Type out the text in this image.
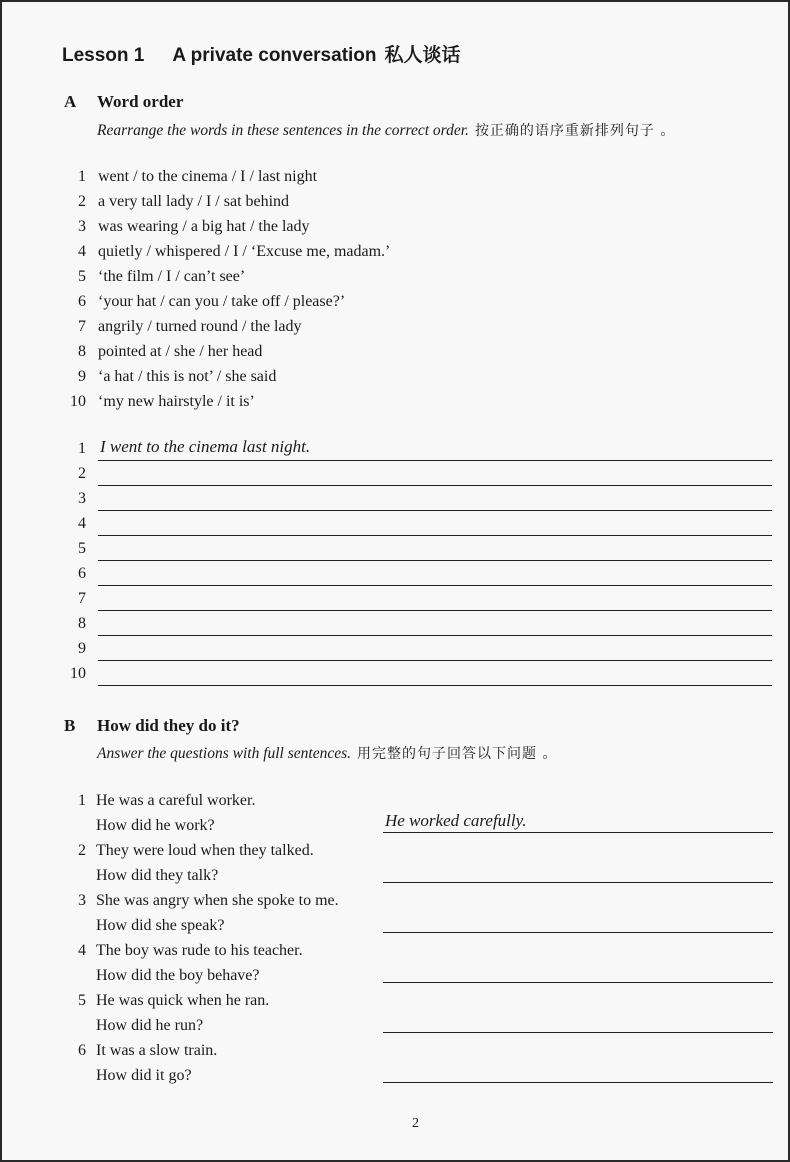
Lesson 1 A private conversation 私人谈话
A Word order
Rearrange the words in these sentences in the correct order. 按正确的语序重新排列句子 。
1 went / to the cinema / I / last night
2 a very tall lady / I / sat behind
3 was wearing / a big hat / the lady
4 quietly / whispered / I / ‘Excuse me, madam.’
5 ‘the film / I / can’t see’
6 ‘your hat / can you / take off / please?’
7 angrily / turned round / the lady
8 pointed at / she / her head
9 ‘a hat / this is not’ / she said
10 ‘my new hairstyle / it is’
1 I went to the cinema last night.
2
3
4
5
6
7
8
9
10
B How did they do it?
Answer the questions with full sentences. 用完整的句子回答以下问题 。
1 He was a careful worker.
How did he work?	He worked carefully.
2 They were loud when they talked.
How did they talk?
3 She was angry when she spoke to me.
How did she speak?
4 The boy was rude to his teacher.
How did the boy behave?
5 He was quick when he ran.
How did he run?
6 It was a slow train.
How did it go?
2
